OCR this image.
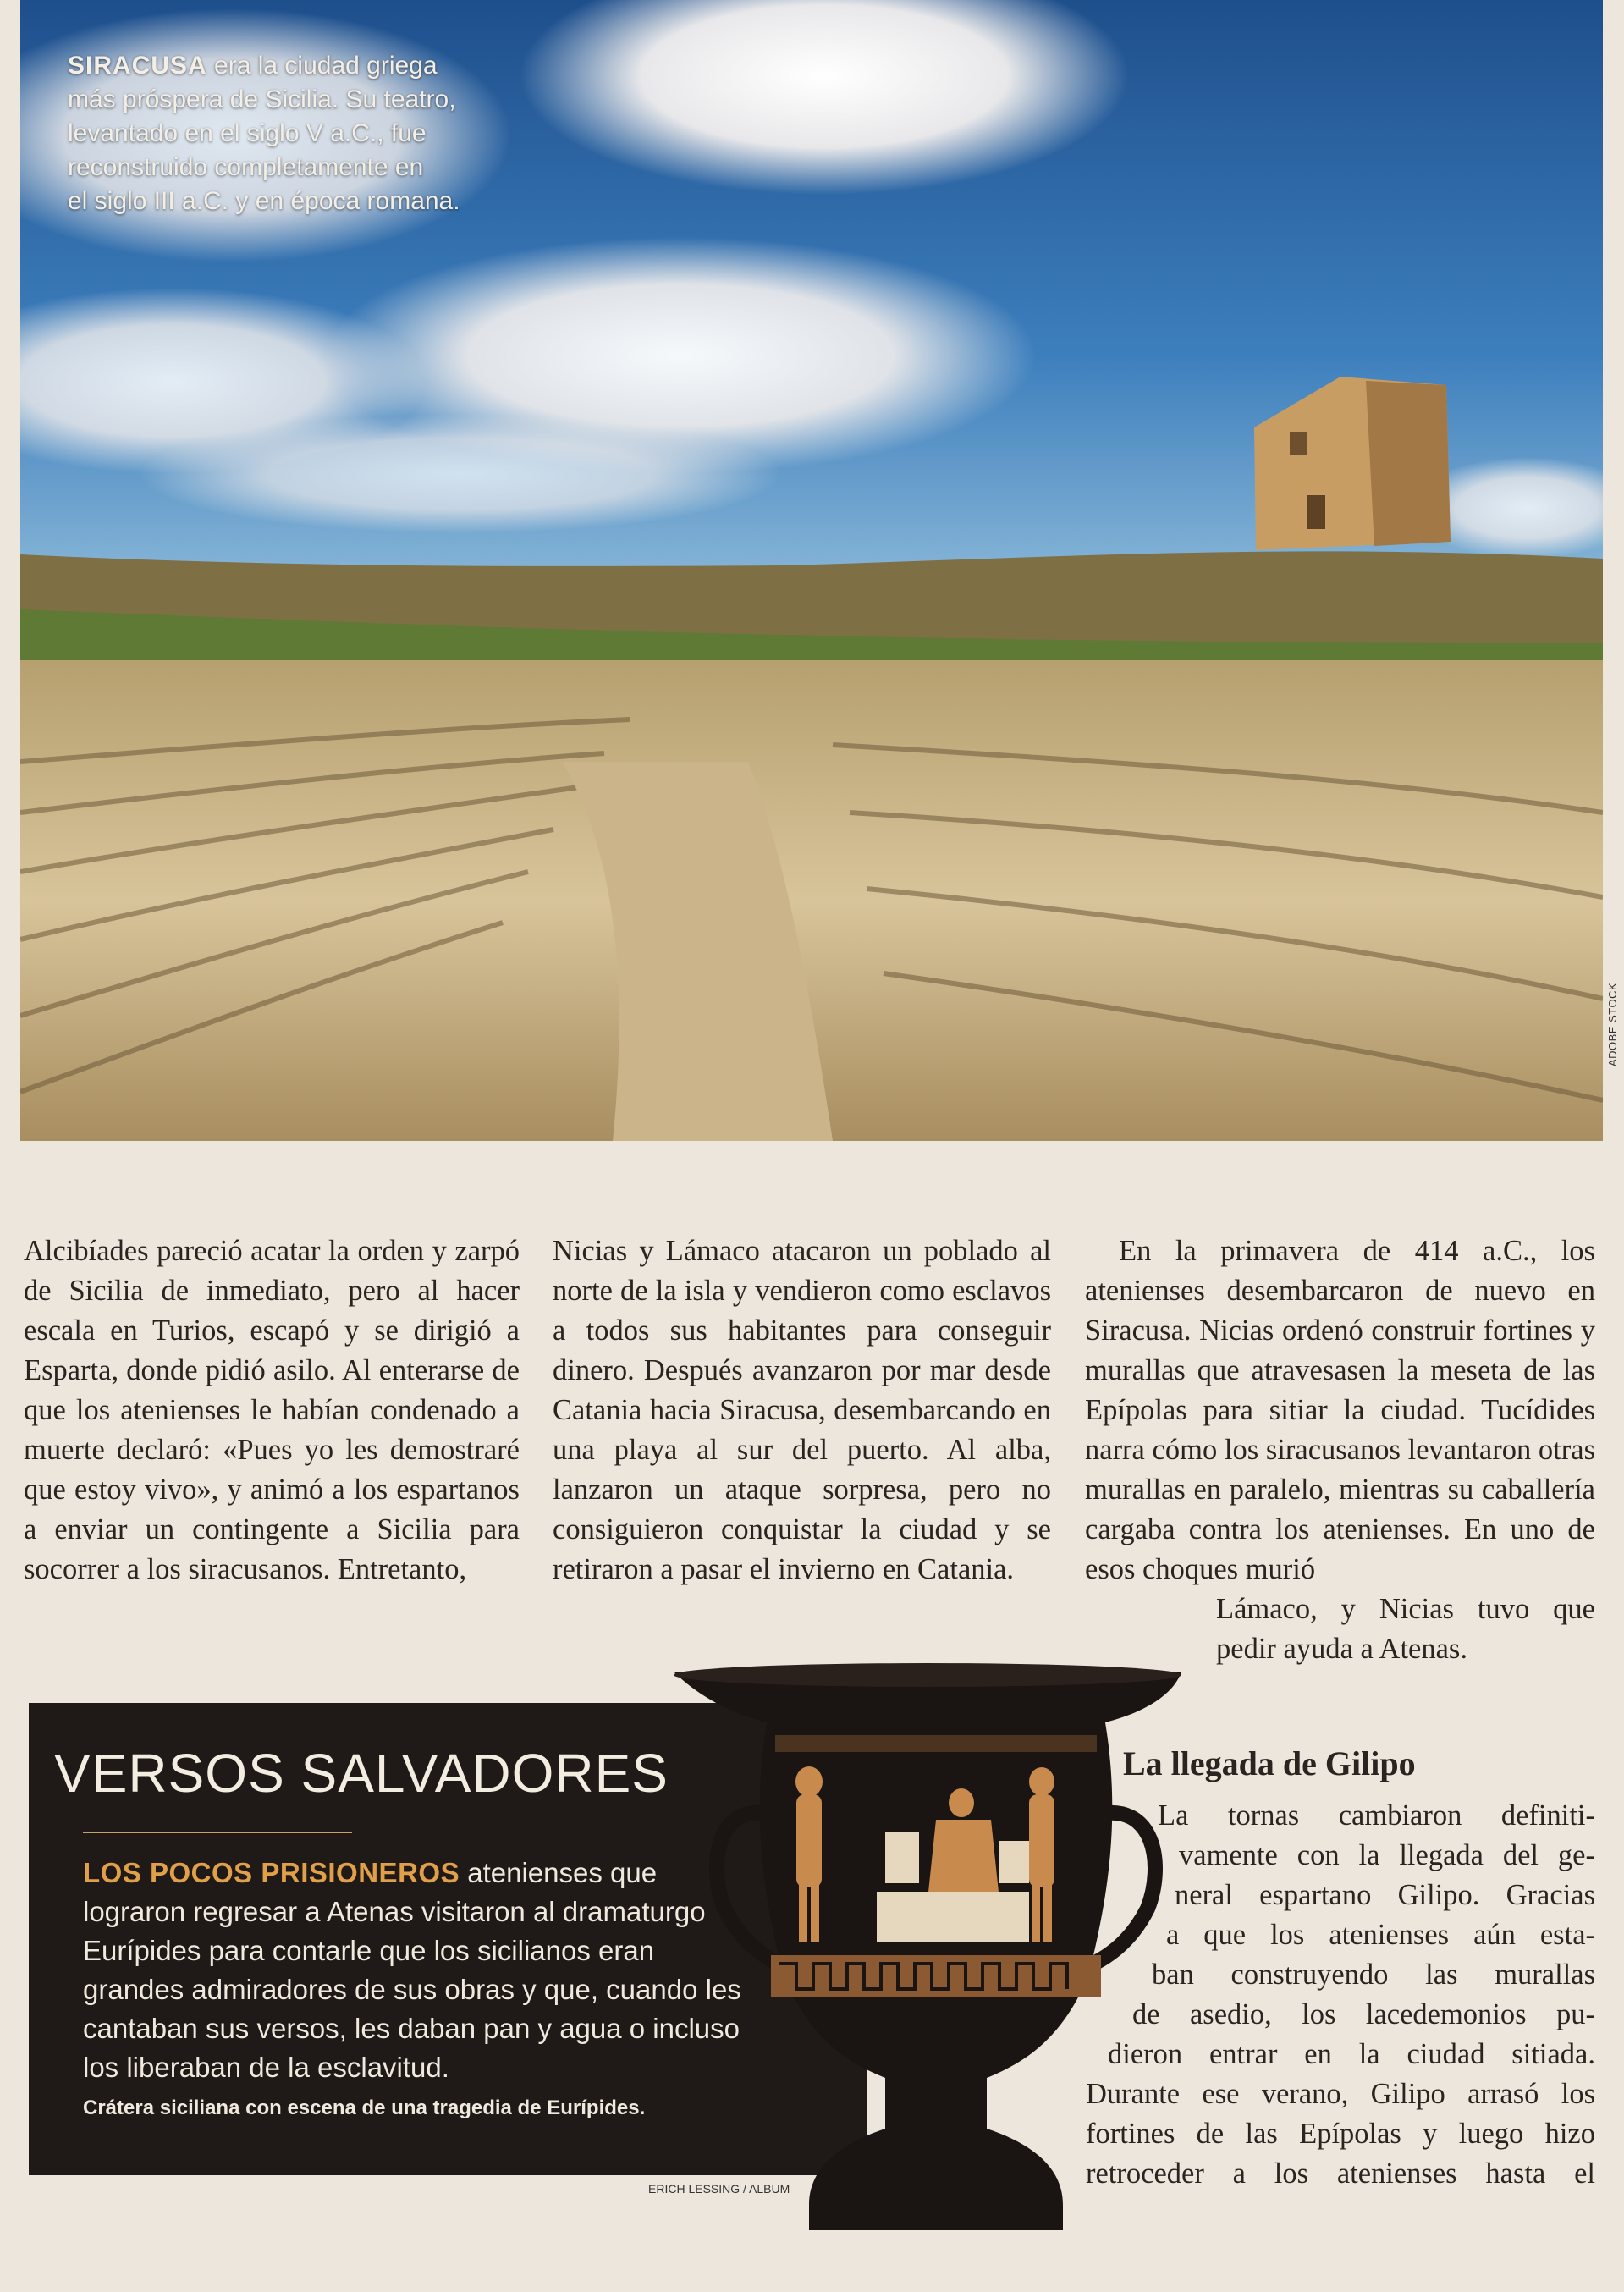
SIRACUSA era la ciudad griega
más próspera de Sicilia. Su teatro,
levantado en el siglo V a.C., fue
reconstruido completamente en
el siglo III a.C. y en época romana.
ADOBE STOCK
Alcibíades pareció acatar la orden y zarpó de Sicilia de inmediato, pero al hacer escala en Turios, escapó y se dirigió a Esparta, donde pidió asilo. Al enterarse de que los atenienses le habían condenado a muerte declaró: «Pues yo les demostraré que estoy vivo», y animó a los espartanos a enviar un contingente a Sicilia para socorrer a los siracusanos. Entretanto,
Nicias y Lámaco atacaron un poblado al norte de la isla y vendieron como esclavos a todos sus habitantes para conseguir dinero. Después avanzaron por mar desde Catania hacia Siracusa, desembarcando en una playa al sur del puerto. Al alba, lanzaron un ataque sorpresa, pero no consiguieron conquistar la ciudad y se retiraron a pasar el invierno en Catania.

En la primavera de 414 a.C., los atenienses desembarcaron de nuevo en Siracusa. Nicias ordenó construir fortines y murallas que atravesasen la meseta de las Epípolas para sitiar la ciudad. Tucídides narra cómo los siracusanos levantaron otras murallas en paralelo, mientras su caballería cargaba contra los atenienses. En uno de esos choques murió

Lámaco, y Nicias tuvo que pedir ayuda a Atenas.

La llegada de Gilipo
La tornas cambiaron definiti-
vamente con la llegada del ge-
neral espartano Gilipo. Gracias
a que los atenienses aún esta-
ban construyendo las murallas
de asedio, los lacedemonios pu-
dieron entrar en la ciudad sitiada.
Durante ese verano, Gilipo arrasó los
fortines de las Epípolas y luego hizo
retroceder a los atenienses hasta el
VERSOS SALVADORES
LOS POCOS PRISIONEROS atenienses que lograron regresar a Atenas visitaron al dramaturgo Eurípides para contarle que los sicilianos eran grandes admiradores de sus obras y que, cuando les cantaban sus versos, les daban pan y agua o incluso los liberaban de la esclavitud.
Crátera siciliana con escena de una tragedia de Eurípides.
ERICH LESSING / ALBUM
